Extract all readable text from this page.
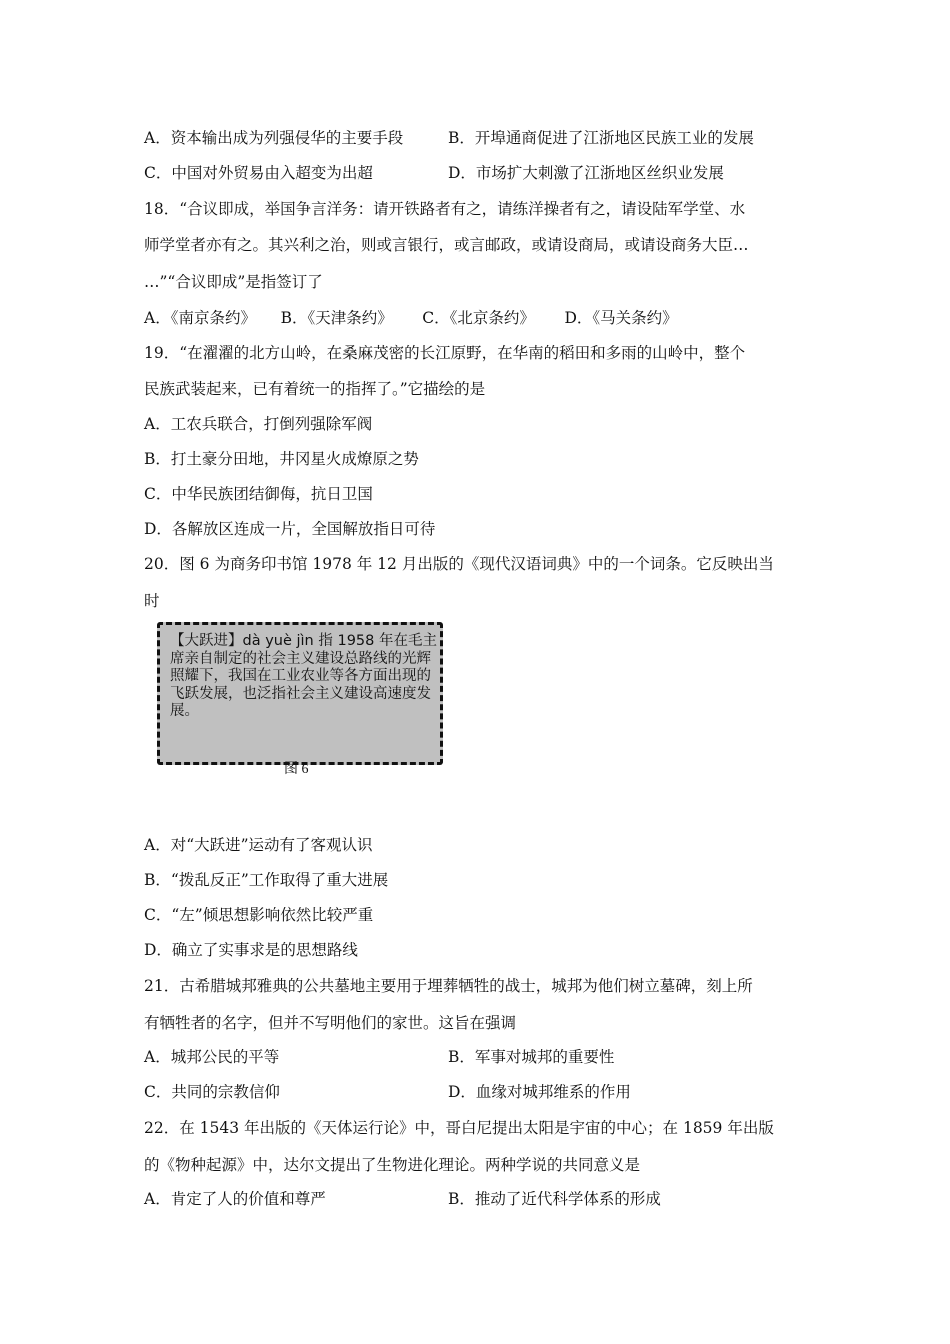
A．资本输出成为列强侵华的主要手段	B．开埠通商促进了江浙地区民族工业的发展
C．中国对外贸易由入超变为出超	D．市场扩大刺激了江浙地区丝织业发展
18．“合议即成，举国争言洋务：请开铁路者有之，请练洋操者有之，请设陆军学堂、水
师学堂者亦有之。其兴利之治，则或言银行，或言邮政，或请设商局，或请设商务大臣…
…”“合议即成”是指签订了
A．《南京条约》     B．《天津条约》      C．《北京条约》      D．《马关条约》
19．“在濯濯的北方山岭，在桑麻茂密的长江原野，在华南的稻田和多雨的山岭中，整个
民族武装起来，已有着统一的指挥了。”它描绘的是
A．工农兵联合，打倒列强除军阀
B．打土豪分田地，井冈星火成燎原之势
C．中华民族团结御侮，抗日卫国
D．各解放区连成一片，全国解放指日可待
20．图 6 为商务印书馆 1978 年 12 月出版的《现代汉语词典》中的一个词条。它反映出当
时
【大跃进】dà yuè jìn 指 1958 年在毛主席亲自制定的社会主义建设总路线的光辉照耀下，我国在工业农业等各方面出现的飞跃发展，也泛指社会主义建设高速度发展。
图 6
A．对“大跃进”运动有了客观认识
B．“拨乱反正”工作取得了重大进展
C．“左”倾思想影响依然比较严重
D．确立了实事求是的思想路线
21．古希腊城邦雅典的公共墓地主要用于埋葬牺牲的战士，城邦为他们树立墓碑，刻上所
有牺牲者的名字，但并不写明他们的家世。这旨在强调
A．城邦公民的平等	B．军事对城邦的重要性
C．共同的宗教信仰	D．血缘对城邦维系的作用
22．在 1543 年出版的《天体运行论》中，哥白尼提出太阳是宇宙的中心；在 1859 年出版
的《物种起源》中，达尔文提出了生物进化理论。两种学说的共同意义是
A．肯定了人的价值和尊严	B．推动了近代科学体系的形成
